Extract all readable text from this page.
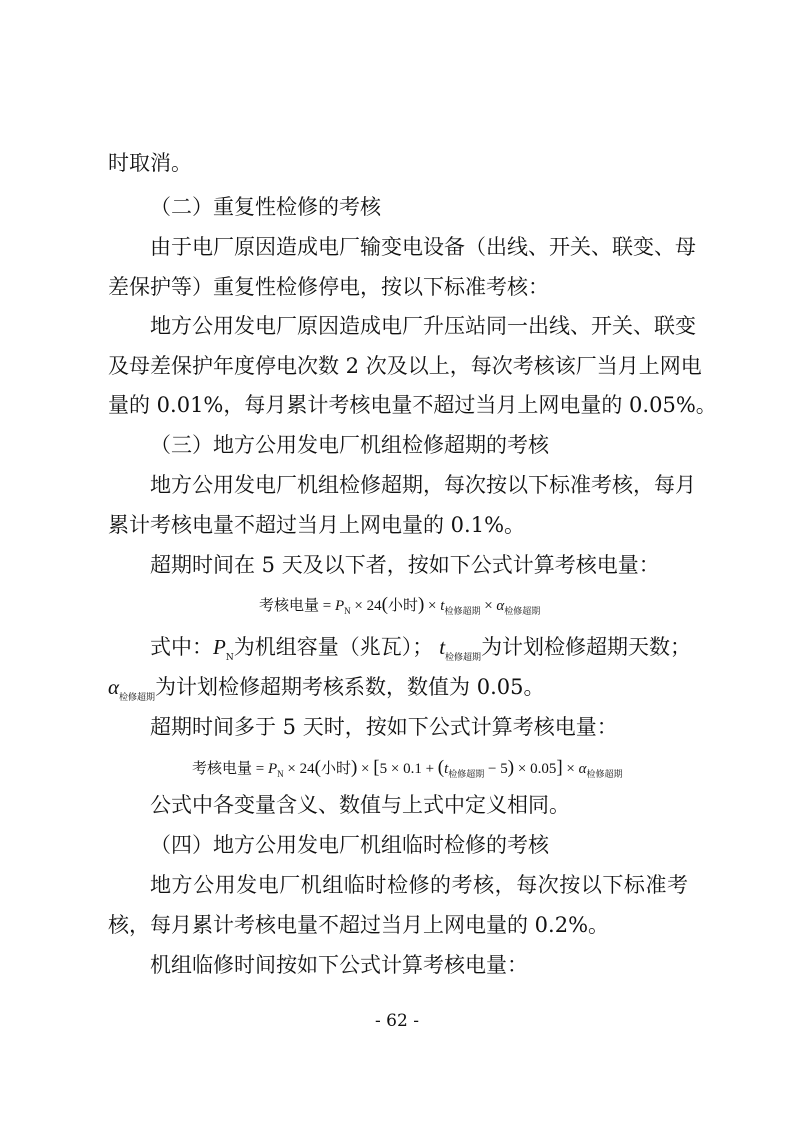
时取消。
（二）重复性检修的考核
由于电厂原因造成电厂输变电设备（出线、开关、联变、母
差保护等）重复性检修停电，按以下标准考核：
地方公用发电厂原因造成电厂升压站同一出线、开关、联变
及母差保护年度停电次数 2 次及以上，每次考核该厂当月上网电
量的 0.01%，每月累计考核电量不超过当月上网电量的 0.05%。
（三）地方公用发电厂机组检修超期的考核
地方公用发电厂机组检修超期，每次按以下标准考核，每月
累计考核电量不超过当月上网电量的 0.1%。
超期时间在 5 天及以下者，按如下公式计算考核电量：
考核电量 = $P_N \times 24$(小时) × $t_{检修超期} \times \alpha_{检修超期}$
式中：$P_N$为机组容量（兆瓦）； $t_{检修超期}$为计划检修超期天数；
$\alpha_{检修超期}$为计划检修超期考核系数，数值为 0.05。
超期时间多于 5 天时，按如下公式计算考核电量：
考核电量 = $P_N \times 24$(小时) × $[5 \times 0.1 + (t_{检修超期} - 5) \times 0.05] \times \alpha_{检修超期}$
公式中各变量含义、数值与上式中定义相同。
（四）地方公用发电厂机组临时检修的考核
地方公用发电厂机组临时检修的考核，每次按以下标准考
核，每月累计考核电量不超过当月上网电量的 0.2%。
机组临修时间按如下公式计算考核电量：
- 62 -
